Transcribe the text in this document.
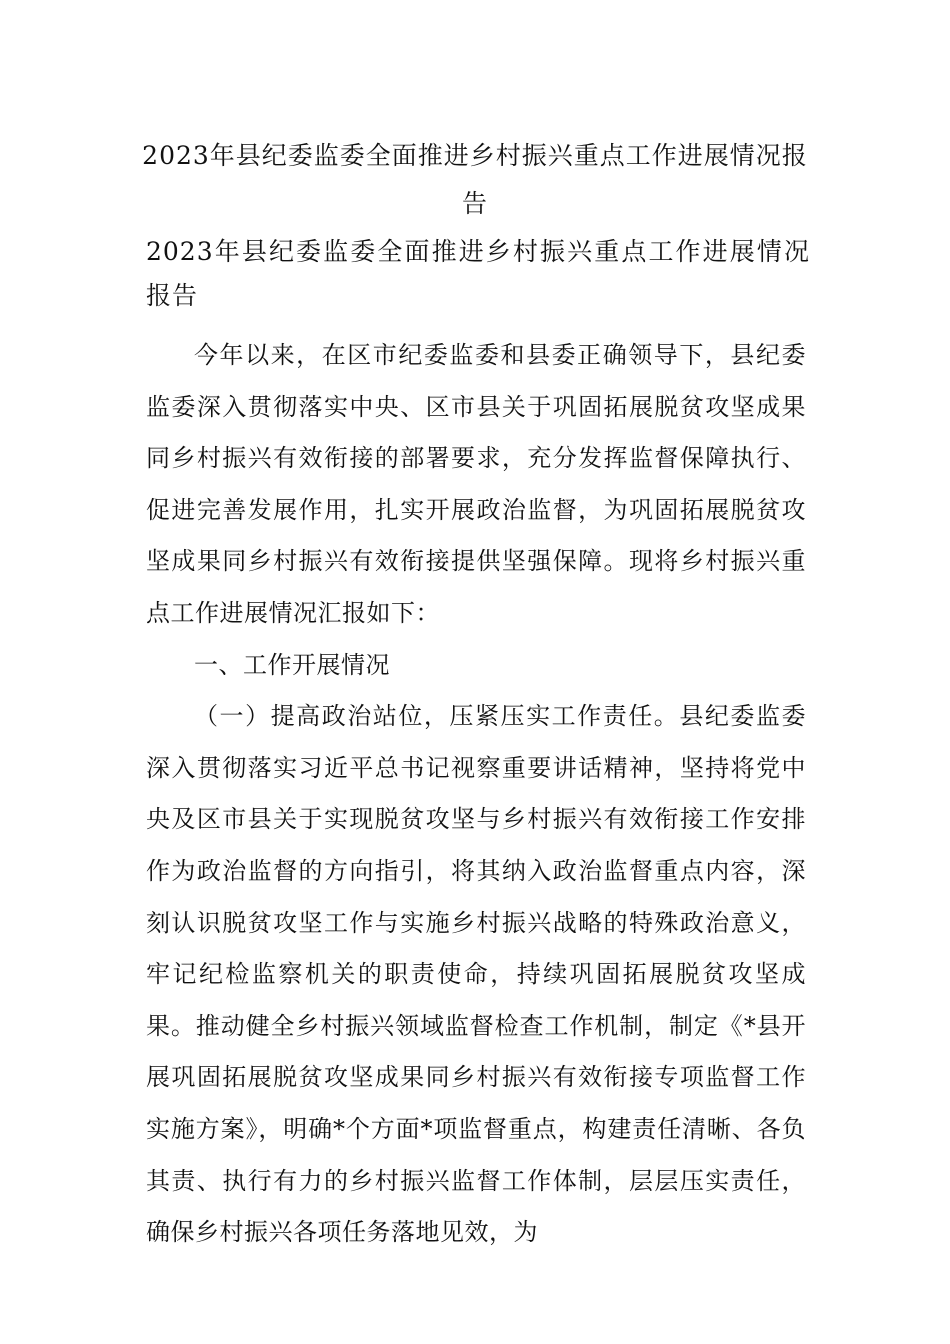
2023年县纪委监委全面推进乡村振兴重点工作进展情况报告
2023年县纪委监委全面推进乡村振兴重点工作进展情况报告

今年以来，在区市纪委监委和县委正确领导下，县纪委监委深入贯彻落实中央、区市县关于巩固拓展脱贫攻坚成果同乡村振兴有效衔接的部署要求，充分发挥监督保障执行、促进完善发展作用，扎实开展政治监督，为巩固拓展脱贫攻坚成果同乡村振兴有效衔接提供坚强保障。现将乡村振兴重点工作进展情况汇报如下：

一、工作开展情况

（一）提高政治站位，压紧压实工作责任。县纪委监委深入贯彻落实习近平总书记视察重要讲话精神，坚持将党中央及区市县关于实现脱贫攻坚与乡村振兴有效衔接工作安排作为政治监督的方向指引，将其纳入政治监督重点内容，深刻认识脱贫攻坚工作与实施乡村振兴战略的特殊政治意义，牢记纪检监察机关的职责使命，持续巩固拓展脱贫攻坚成果。推动健全乡村振兴领域监督检查工作机制，制定《*县开展巩固拓展脱贫攻坚成果同乡村振兴有效衔接专项监督工作实施方案》，明确*个方面*项监督重点，构建责任清晰、各负其责、执行有力的乡村振兴监督工作体制，层层压实责任，确保乡村振兴各项任务落地见效，为
